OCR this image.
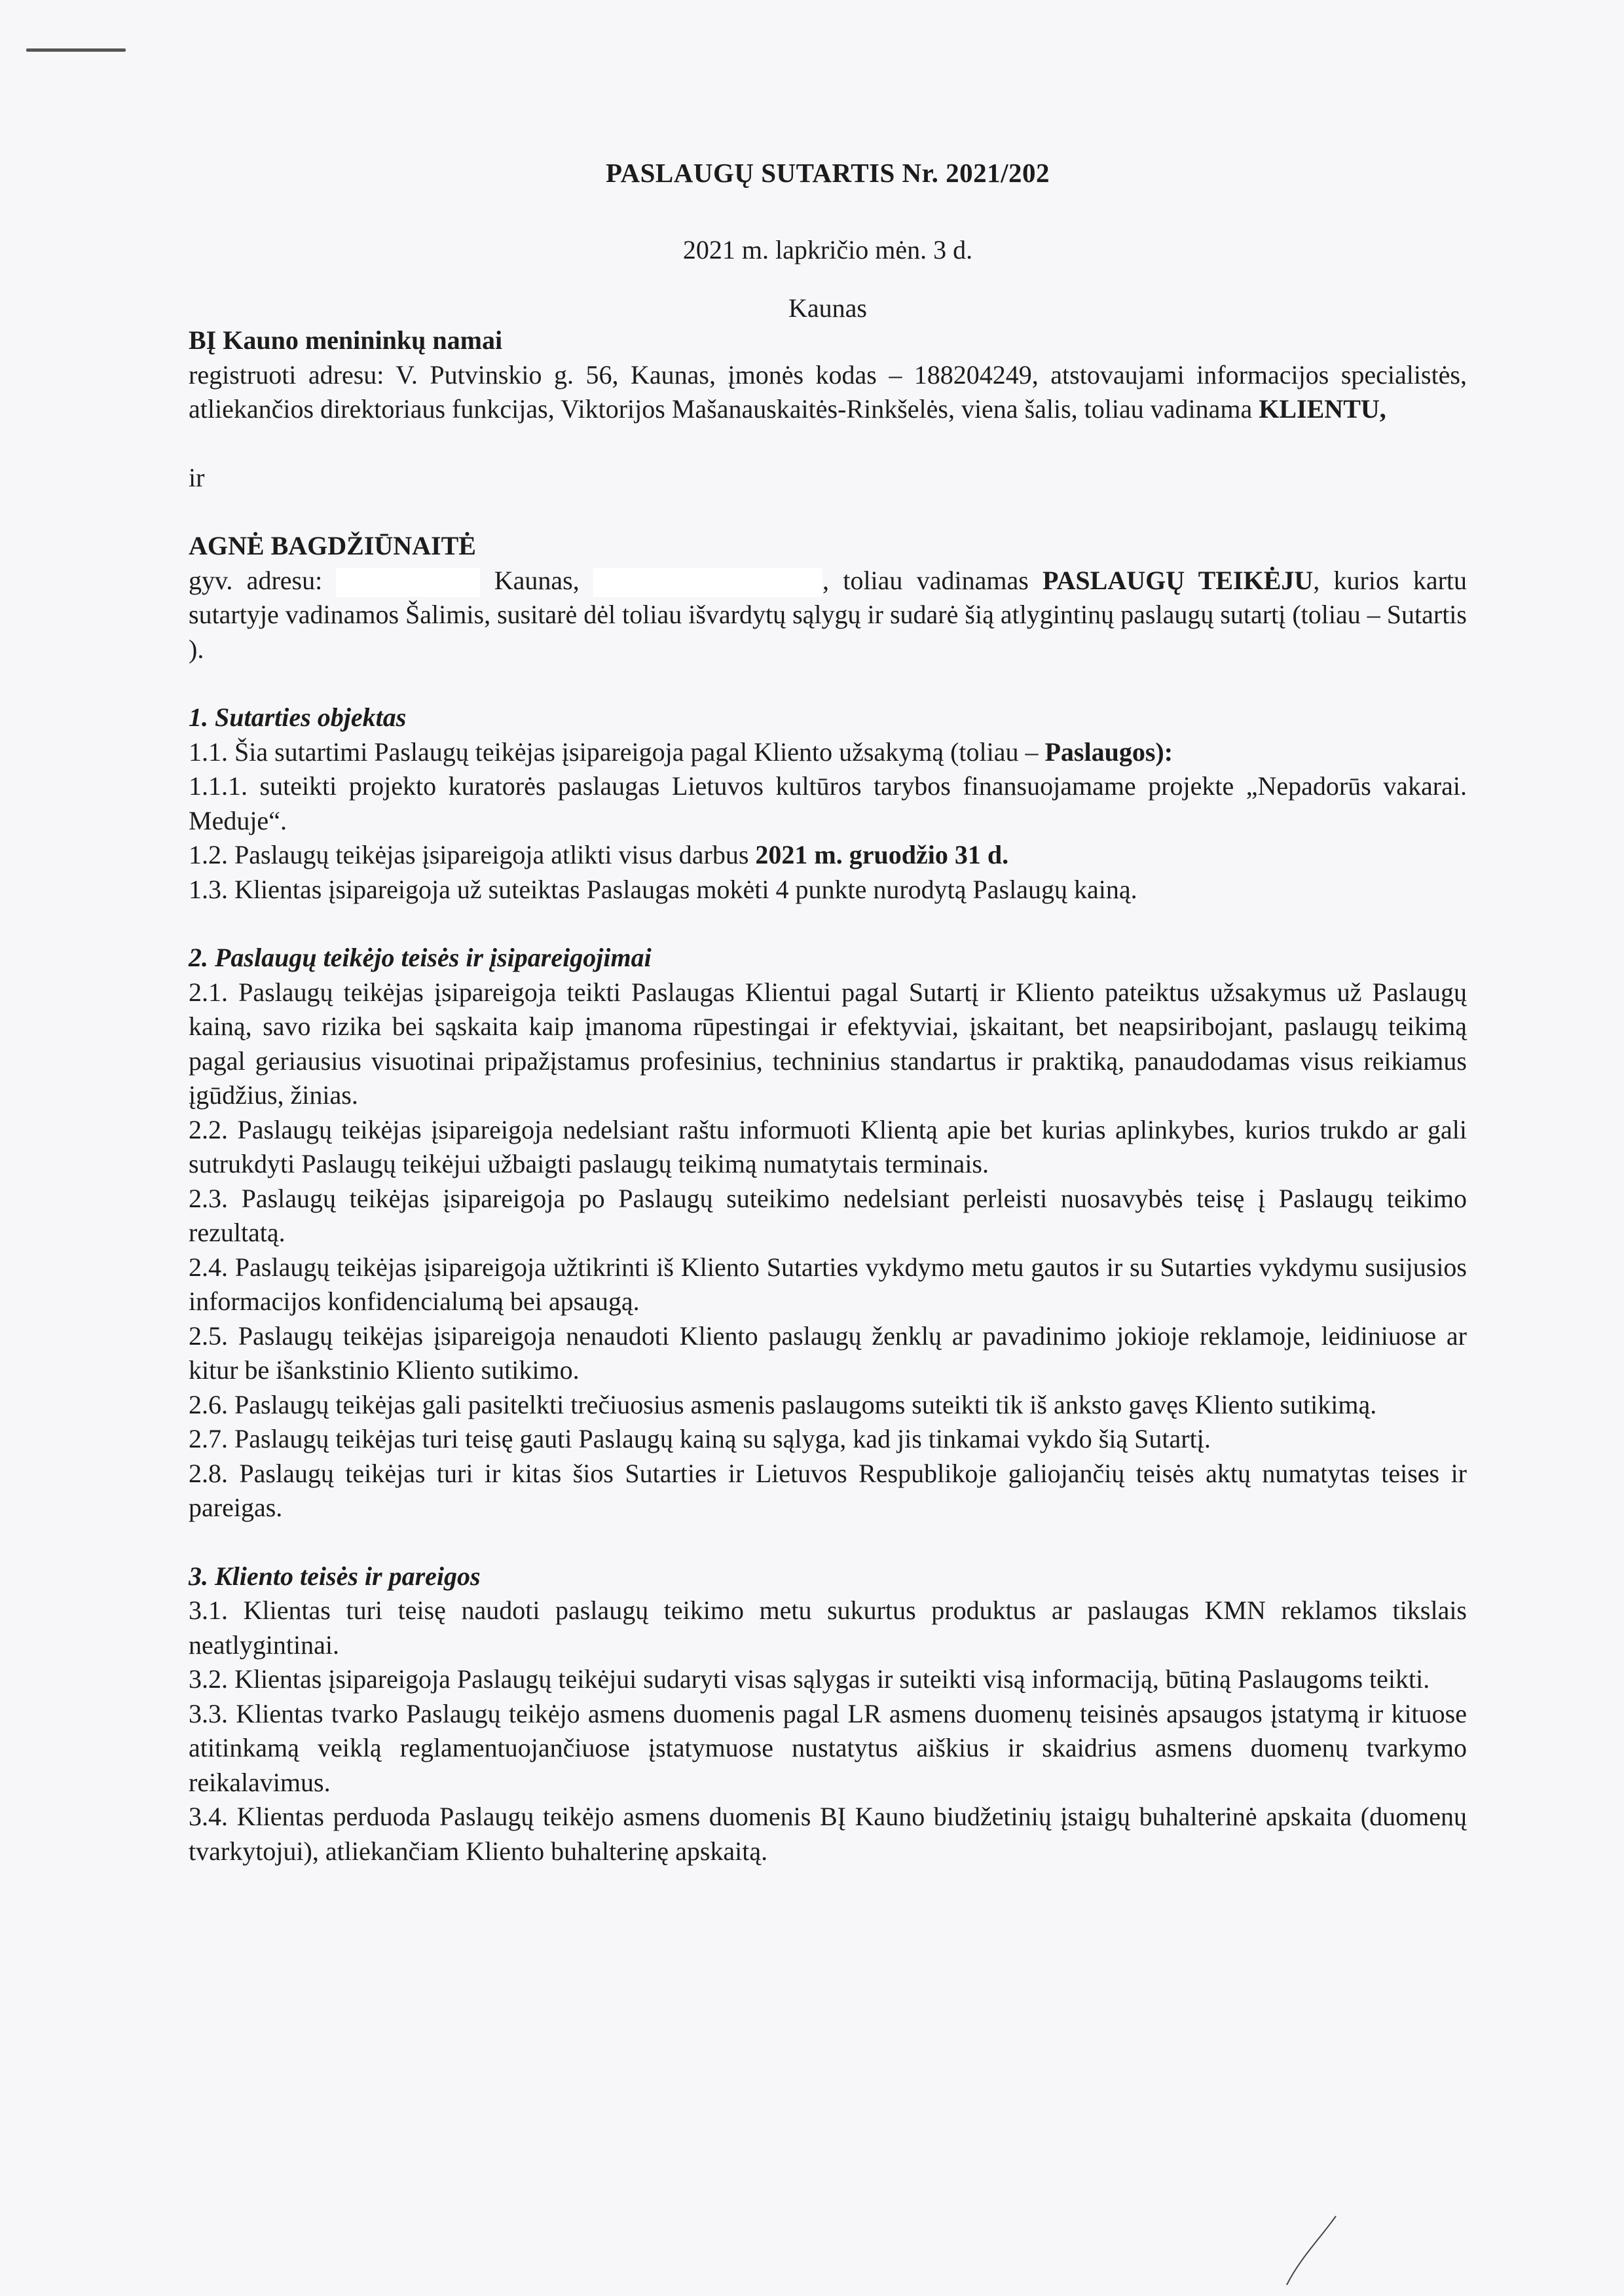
PASLAUGŲ SUTARTIS Nr. 2021/202
2021 m. lapkričio mėn. 3 d.
Kaunas

BĮ Kauno menininkų namai

registruoti adresu: V. Putvinskio g. 56, Kaunas, įmonės kodas – 188204249, atstovaujami informacijos specialistės, atliekančios direktoriaus funkcijas, Viktorijos Mašanauskaitės-Rinkšelės, viena šalis, toliau vadinama KLIENTU,

ir

AGNĖ BAGDŽIŪNAITĖ

gyv. adresu:	Kaunas,	, toliau vadinamas PASLAUGŲ TEIKĖJU, kurios kartu sutartyje vadinamos Šalimis, susitarė dėl toliau išvardytų sąlygų ir sudarė šią atlygintinų paslaugų sutartį (toliau – Sutartis ).

1. Sutarties objektas

1.1. Šia sutartimi Paslaugų teikėjas įsipareigoja pagal Kliento užsakymą (toliau – Paslaugos):

1.1.1. suteikti projekto kuratorės paslaugas Lietuvos kultūros tarybos finansuojamame projekte „Nepadorūs vakarai. Meduje“.

1.2. Paslaugų teikėjas įsipareigoja atlikti visus darbus 2021 m. gruodžio 31 d.

1.3. Klientas įsipareigoja už suteiktas Paslaugas mokėti 4 punkte nurodytą Paslaugų kainą.

2. Paslaugų teikėjo teisės ir įsipareigojimai

2.1. Paslaugų teikėjas įsipareigoja teikti Paslaugas Klientui pagal Sutartį ir Kliento pateiktus užsakymus už Paslaugų kainą, savo rizika bei sąskaita kaip įmanoma rūpestingai ir efektyviai, įskaitant, bet neapsiribojant, paslaugų teikimą pagal geriausius visuotinai pripažįstamus profesinius, techninius standartus ir praktiką, panaudodamas visus reikiamus įgūdžius, žinias.

2.2. Paslaugų teikėjas įsipareigoja nedelsiant raštu informuoti Klientą apie bet kurias aplinkybes, kurios trukdo ar gali sutrukdyti Paslaugų teikėjui užbaigti paslaugų teikimą numatytais terminais.

2.3. Paslaugų teikėjas įsipareigoja po Paslaugų suteikimo nedelsiant perleisti nuosavybės teisę į Paslaugų teikimo rezultatą.

2.4. Paslaugų teikėjas įsipareigoja užtikrinti iš Kliento Sutarties vykdymo metu gautos ir su Sutarties vykdymu susijusios informacijos konfidencialumą bei apsaugą.

2.5. Paslaugų teikėjas įsipareigoja nenaudoti Kliento paslaugų ženklų ar pavadinimo jokioje reklamoje, leidiniuose ar kitur be išankstinio Kliento sutikimo.

2.6. Paslaugų teikėjas gali pasitelkti trečiuosius asmenis paslaugoms suteikti tik iš anksto gavęs Kliento sutikimą.

2.7. Paslaugų teikėjas turi teisę gauti Paslaugų kainą su sąlyga, kad jis tinkamai vykdo šią Sutartį.

2.8. Paslaugų teikėjas turi ir kitas šios Sutarties ir Lietuvos Respublikoje galiojančių teisės aktų numatytas teises ir pareigas.

3. Kliento teisės ir pareigos

3.1. Klientas turi teisę naudoti paslaugų teikimo metu sukurtus produktus ar paslaugas KMN reklamos tikslais neatlygintinai.

3.2. Klientas įsipareigoja Paslaugų teikėjui sudaryti visas sąlygas ir suteikti visą informaciją, būtiną Paslaugoms teikti.

3.3. Klientas tvarko Paslaugų teikėjo asmens duomenis pagal LR asmens duomenų teisinės apsaugos įstatymą ir kituose atitinkamą veiklą reglamentuojančiuose įstatymuose nustatytus aiškius ir skaidrius asmens duomenų tvarkymo reikalavimus.

3.4. Klientas perduoda Paslaugų teikėjo asmens duomenis BĮ Kauno biudžetinių įstaigų buhalterinė apskaita (duomenų tvarkytojui), atliekančiam Kliento buhalterinę apskaitą.
